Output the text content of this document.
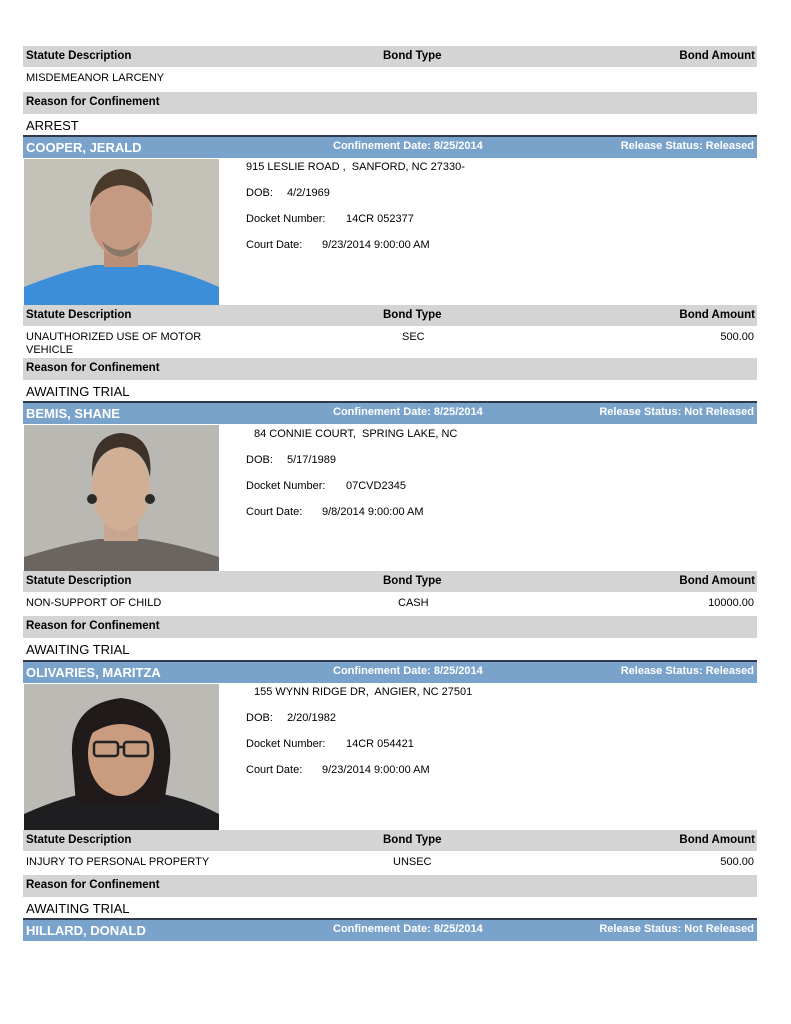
Statute Description	Bond Type	Bond Amount
MISDEMEANOR LARCENY
Reason for Confinement
ARREST
COOPER, JERALD	Confinement Date: 8/25/2014	Release Status: Released
915 LESLIE ROAD ,  SANFORD, NC 27330-
DOB: 4/2/1969
Docket Number: 14CR 052377
Court Date: 9/23/2014 9:00:00 AM
Statute Description	Bond Type	Bond Amount
UNAUTHORIZED USE OF MOTOR VEHICLE
SEC	500.00
Reason for Confinement
AWAITING TRIAL
BEMIS, SHANE	Confinement Date: 8/25/2014	Release Status: Not Released
84 CONNIE COURT,  SPRING LAKE, NC
DOB: 5/17/1989
Docket Number: 07CVD2345
Court Date: 9/8/2014 9:00:00 AM
Statute Description	Bond Type	Bond Amount
NON-SUPPORT OF CHILD	CASH	10000.00
Reason for Confinement
AWAITING TRIAL
OLIVARIES, MARITZA	Confinement Date: 8/25/2014	Release Status: Released
155 WYNN RIDGE DR,  ANGIER, NC 27501
DOB: 2/20/1982
Docket Number: 14CR 054421
Court Date: 9/23/2014 9:00:00 AM
Statute Description	Bond Type	Bond Amount
INJURY TO PERSONAL PROPERTY	UNSEC	500.00
Reason for Confinement
AWAITING TRIAL
HILLARD, DONALD	Confinement Date: 8/25/2014	Release Status: Not Released
